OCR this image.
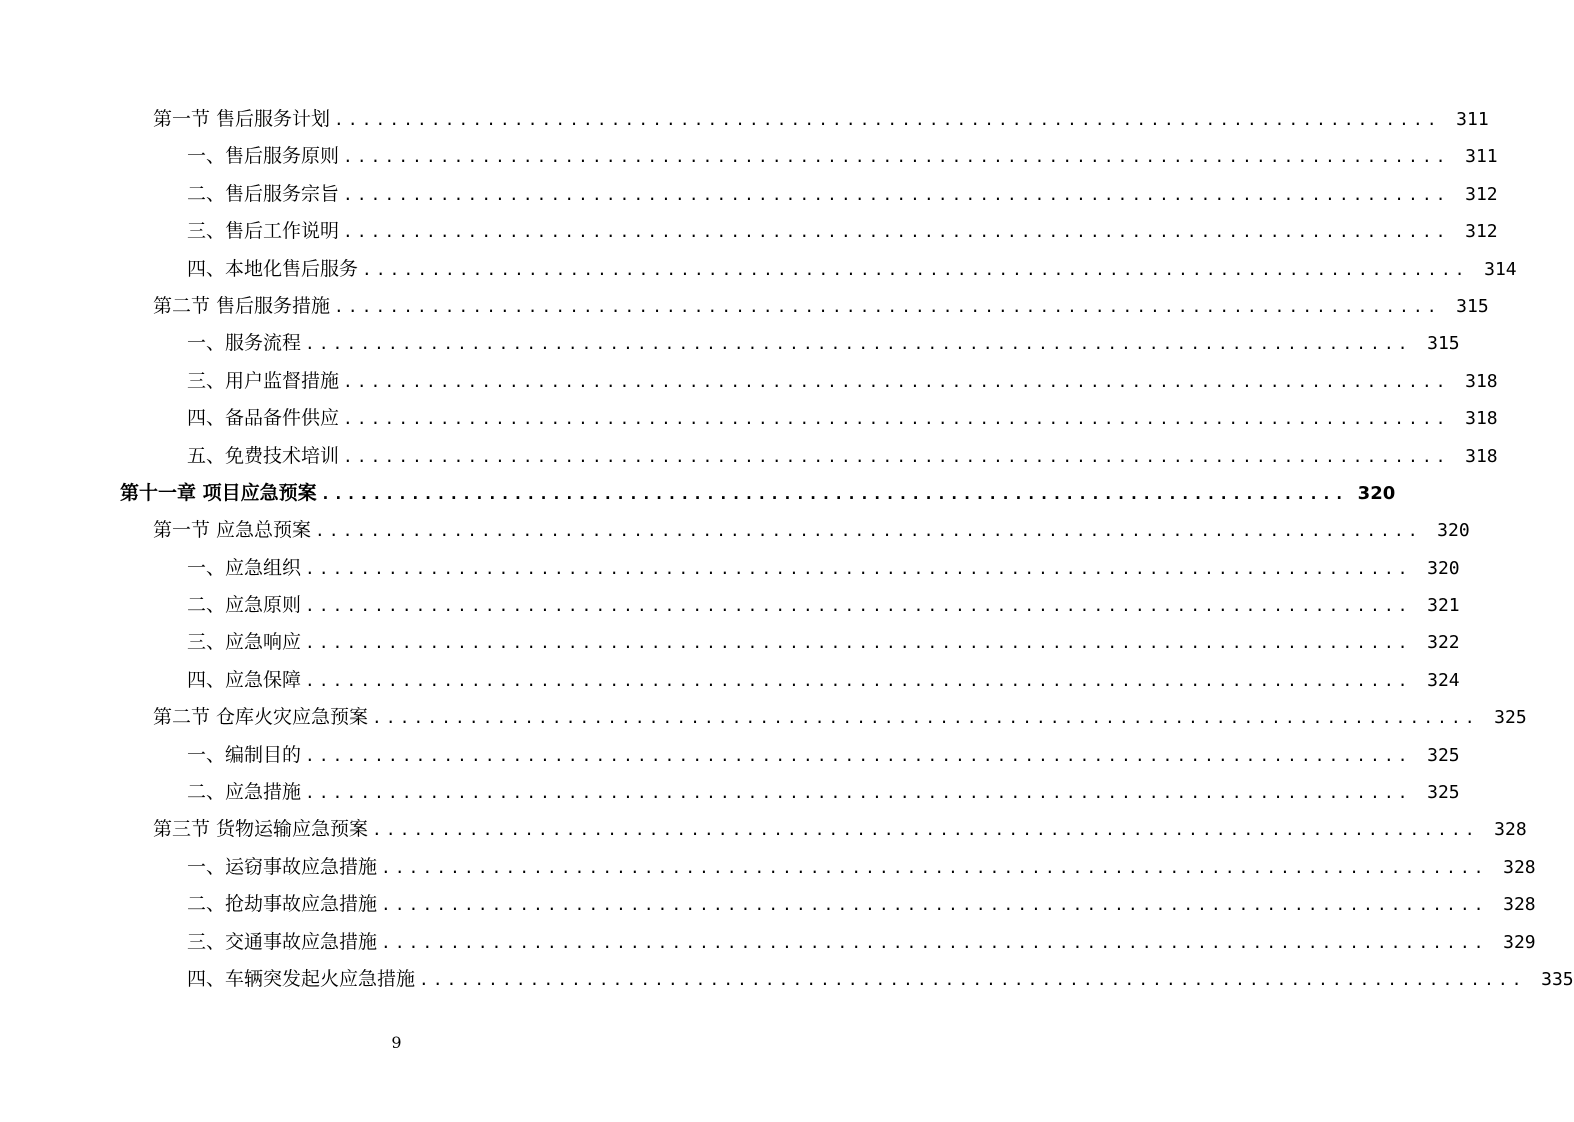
第一节 售后服务计划 ................................................................................ 311
一、售后服务原则 ................................................................................ 311
二、售后服务宗旨 ................................................................................ 312
三、售后工作说明 ................................................................................ 312
四、本地化售后服务 ................................................................................ 314
第二节 售后服务措施 ................................................................................ 315
一、服务流程 ................................................................................ 315
三、用户监督措施 ................................................................................ 318
四、备品备件供应 ................................................................................ 318
五、免费技术培训 ................................................................................ 318
第十一章 项目应急预案 ................................................................................ 320
第一节 应急总预案 ................................................................................ 320
一、应急组织 ................................................................................ 320
二、应急原则 ................................................................................ 321
三、应急响应 ................................................................................ 322
四、应急保障 ................................................................................ 324
第二节 仓库火灾应急预案 ................................................................................ 325
一、编制目的 ................................................................................ 325
二、应急措施 ................................................................................ 325
第三节 货物运输应急预案 ................................................................................ 328
一、运窃事故应急措施 ................................................................................ 328
二、抢劫事故应急措施 ................................................................................ 328
三、交通事故应急措施 ................................................................................ 329
四、车辆突发起火应急措施 ................................................................................ 335
9
